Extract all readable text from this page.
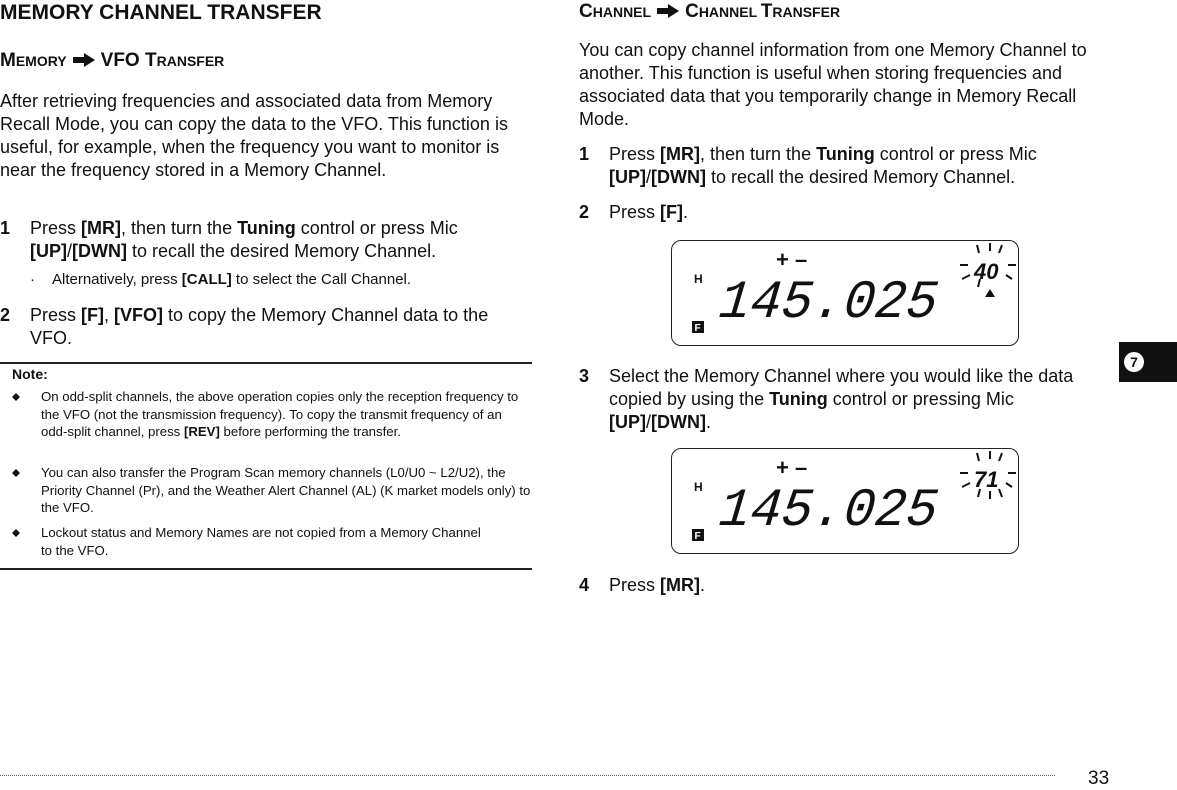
MEMORY CHANNEL TRANSFER
MEMORY VFO TRANSFER

After retrieving frequencies and associated data from Memory Recall Mode, you can copy the data to the VFO. This function is useful, for example, when the frequency you want to monitor is near the frequency stored in a Memory Channel.

1 Press [MR], then turn the Tuning control or press Mic [UP]/[DWN] to recall the desired Memory Channel.
· Alternatively, press [CALL] to select the Call Channel.
2 Press [F], [VFO] to copy the Memory Channel data to the VFO.
Note:
On odd-split channels, the above operation copies only the reception frequency to the VFO (not the transmission frequency). To copy the transmit frequency of an odd-split channel, press [REV] before performing the transfer.
You can also transfer the Program Scan memory channels (L0/U0 ~ L2/U2), the Priority Channel (Pr), and the Weather Alert Channel (AL) (K market models only) to the VFO.
Lockout status and Memory Names are not copied from a Memory Channel to the VFO.
CHANNEL CHANNEL TRANSFER

You can copy channel information from one Memory Channel to another. This function is useful when storing frequencies and associated data that you temporarily change in Memory Recall Mode.

1 Press [MR], then turn the Tuning control or press Mic [UP]/[DWN] to recall the desired Memory Channel.
2 Press [F].
+ –
H
F 145.025
40
3 Select the Memory Channel where you would like the data copied by using the Tuning control or pressing Mic [UP]/[DWN].
+ –
H
F 145.025
71
4 Press [MR].
7
33
